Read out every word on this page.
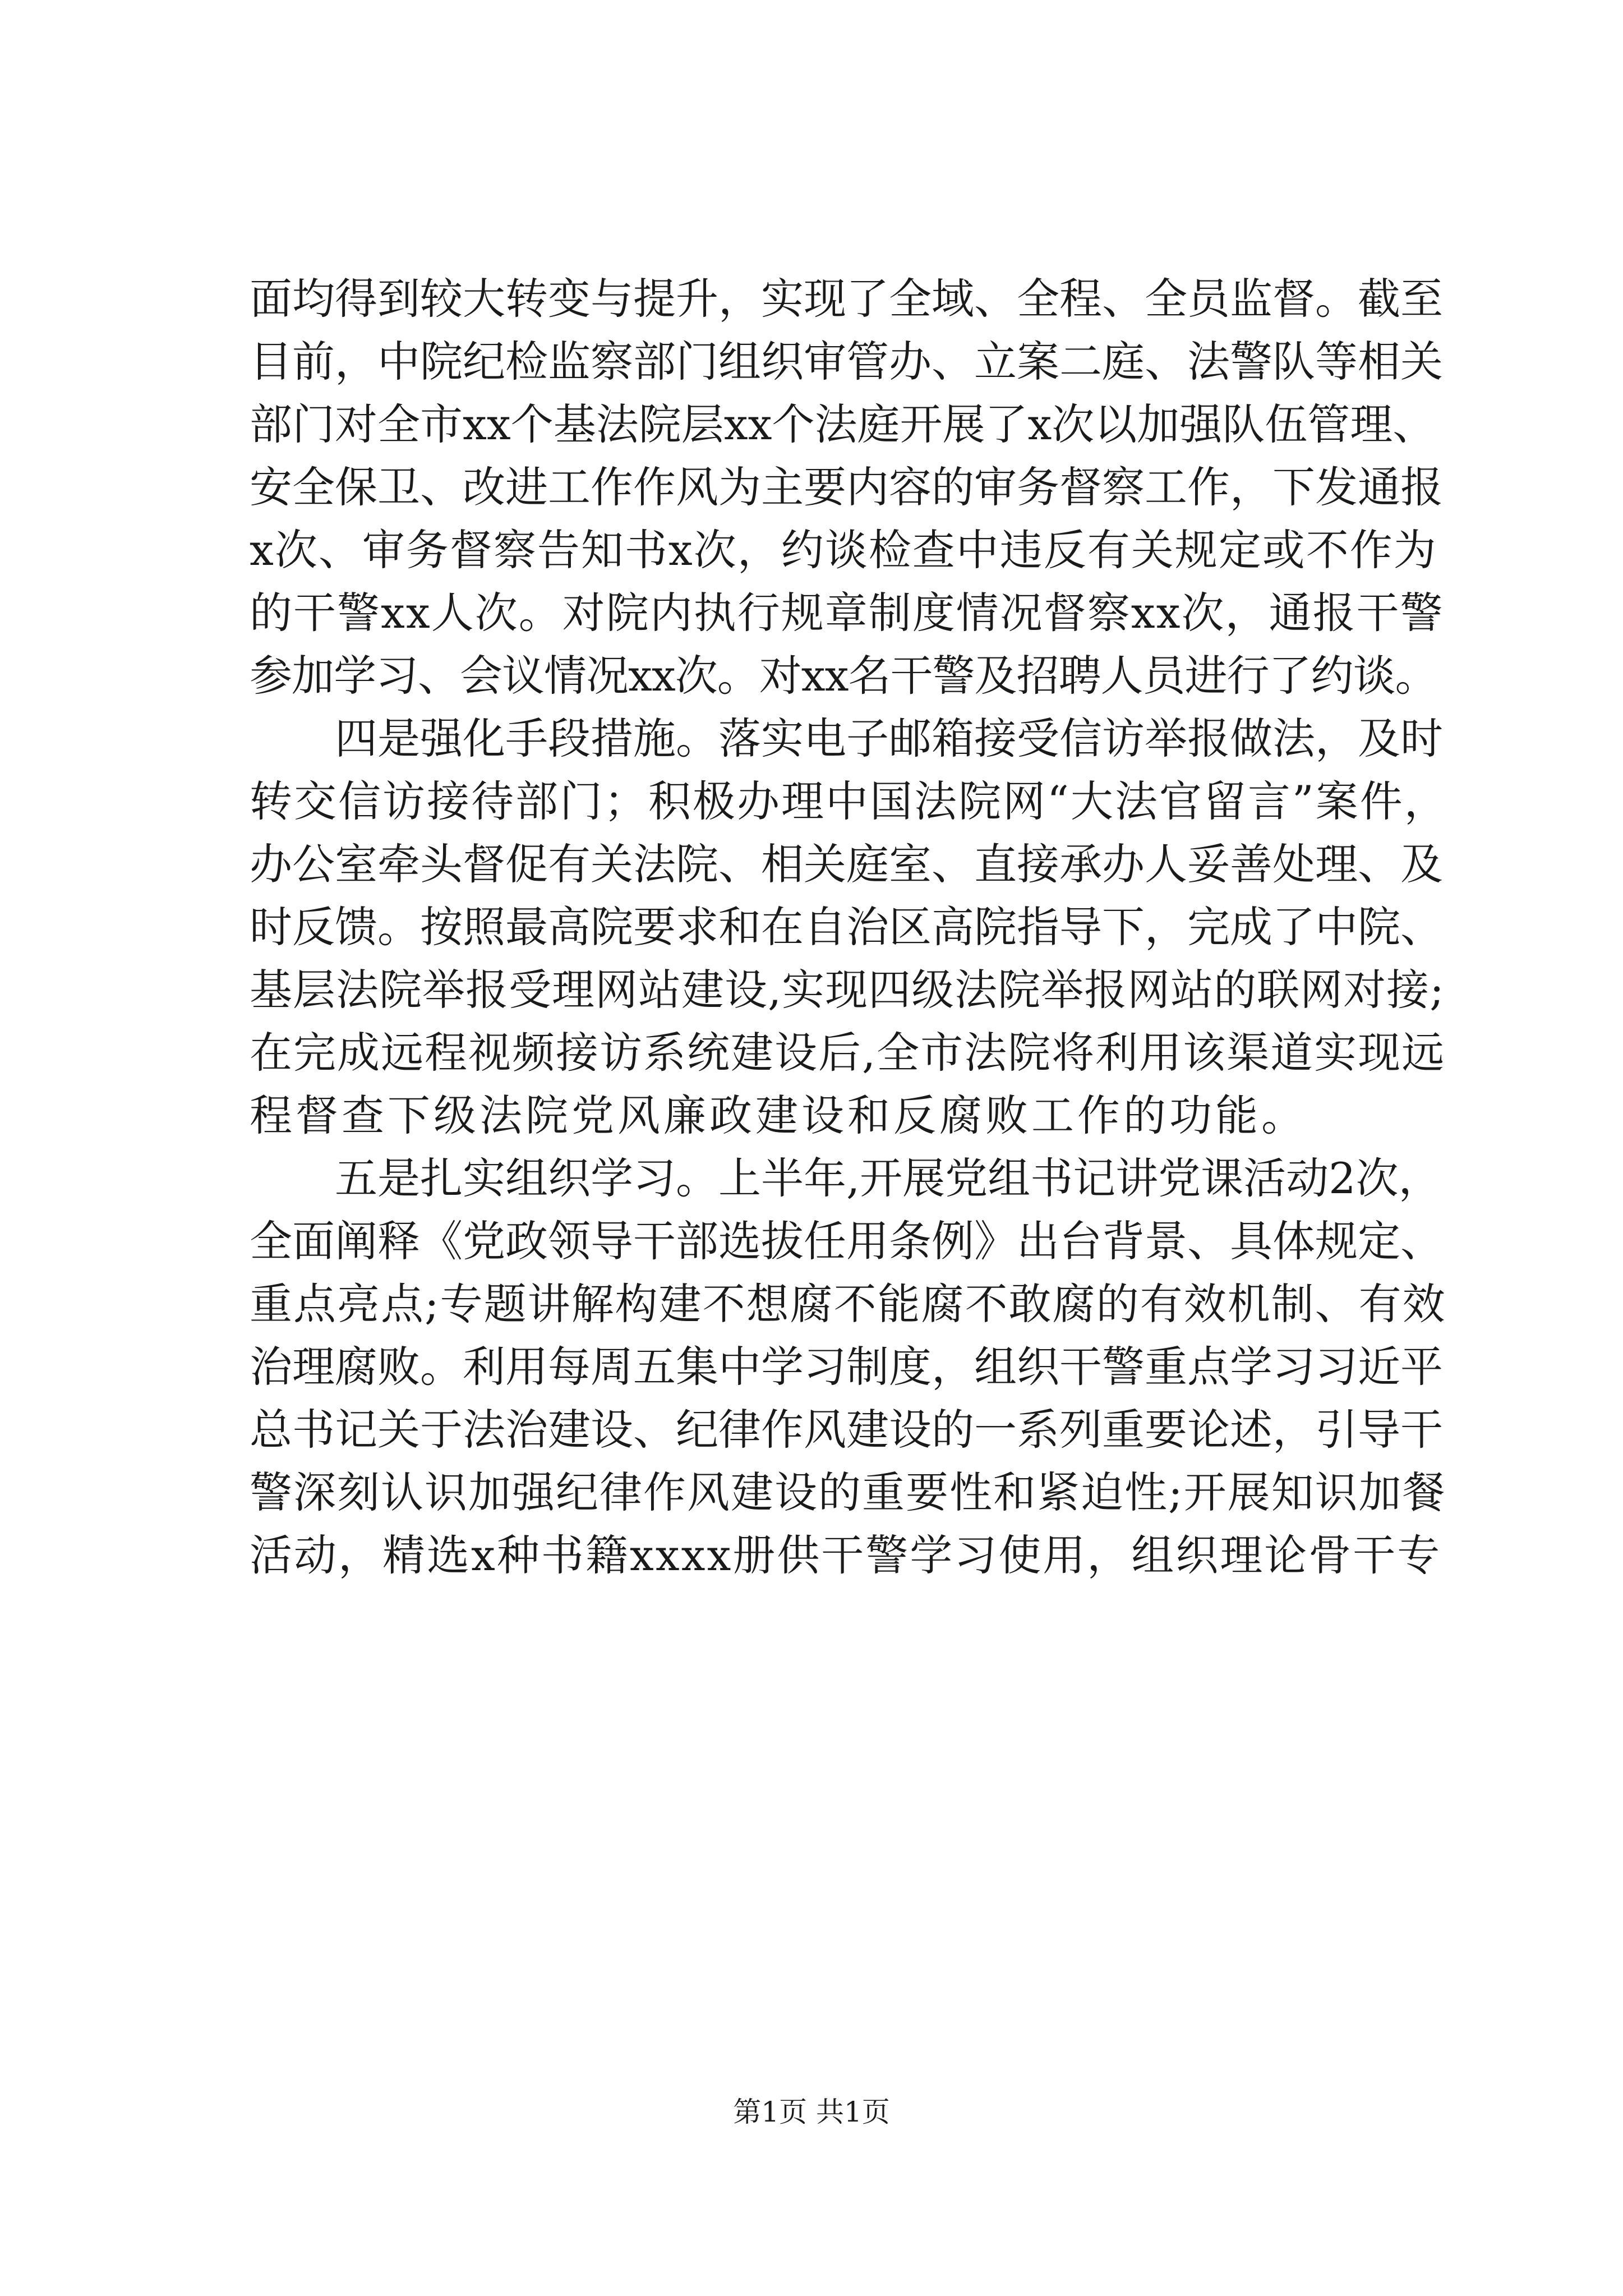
面均得到较大转变与提升，实现了全域、全程、全员监督。截至
目前，中院纪检监察部门组织审管办、立案二庭、法警队等相关
部门对全市xx个基法院层xx个法庭开展了x次以加强队伍管理、
安全保卫、改进工作作风为主要内容的审务督察工作，下发通报
x次、审务督察告知书x次，约谈检查中违反有关规定或不作为
的干警xx人次。对院内执行规章制度情况督察xx次，通报干警
参加学习、会议情况xx次。对xx名干警及招聘人员进行了约谈。
四是强化手段措施。落实电子邮箱接受信访举报做法，及时
转交信访接待部门；积极办理中国法院网“大法官留言”案件，
办公室牵头督促有关法院、相关庭室、直接承办人妥善处理、及
时反馈。按照最高院要求和在自治区高院指导下，完成了中院、
基层法院举报受理网站建设,实现四级法院举报网站的联网对接;
在完成远程视频接访系统建设后,全市法院将利用该渠道实现远
程督查下级法院党风廉政建设和反腐败工作的功能。
五是扎实组织学习。上半年,开展党组书记讲党课活动2次，
全面阐释《党政领导干部选拔任用条例》出台背景、具体规定、
重点亮点;专题讲解构建不想腐不能腐不敢腐的有效机制、有效
治理腐败。利用每周五集中学习制度，组织干警重点学习习近平
总书记关于法治建设、纪律作风建设的一系列重要论述，引导干
警深刻认识加强纪律作风建设的重要性和紧迫性;开展知识加餐
活动，精选x种书籍xxxx册供干警学习使用，组织理论骨干专
第1页 共1页
